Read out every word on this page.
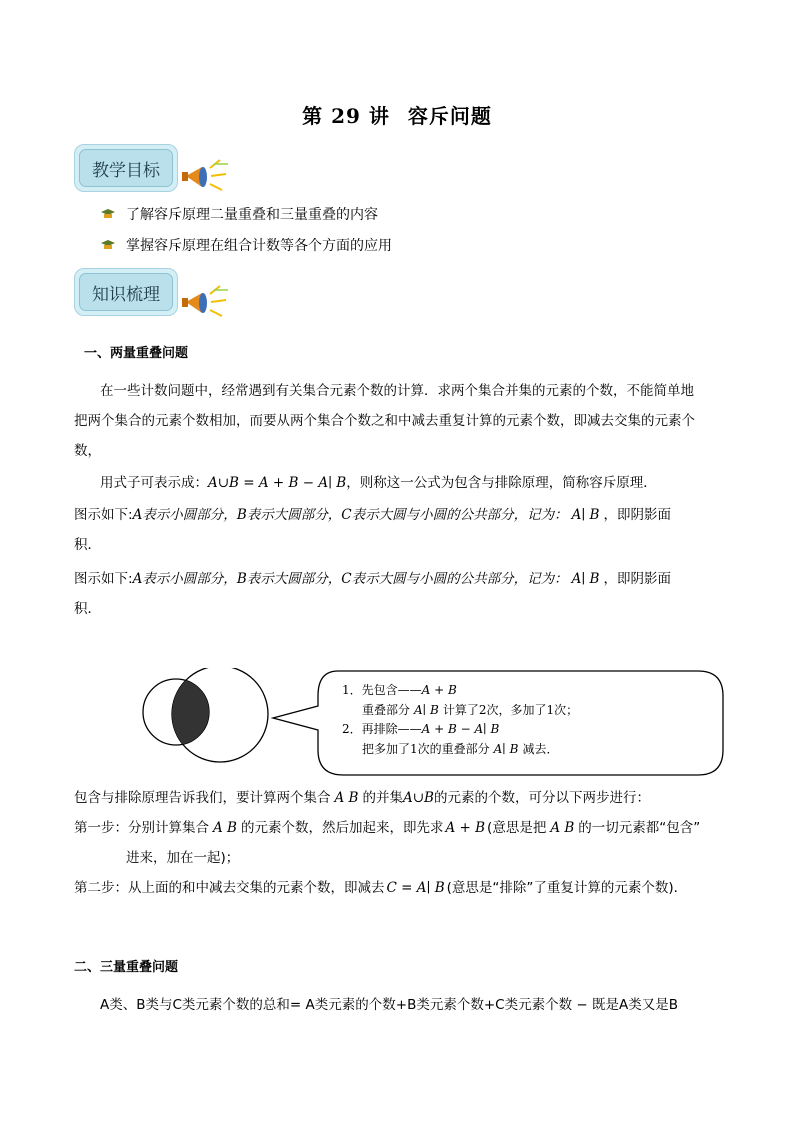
第 29 讲 容斥问题
教学目标
了解容斥原理二量重叠和三量重叠的内容
掌握容斥原理在组合计数等各个方面的应用
知识梳理
一、两量重叠问题
在一些计数问题中，经常遇到有关集合元素个数的计算．求两个集合并集的元素的个数，不能简单地
把两个集合的元素个数相加，而要从两个集合个数之和中减去重复计算的元素个数，即减去交集的元素个
数，
用式子可表示成：A∪B = A + B − A∣ B，则称这一公式为包含与排除原理，简称容斥原理．
图示如下:A表示小圆部分，B表示大圆部分，C表示大圆与小圆的公共部分，记为： A∣ B ，即阴影面
积．
图示如下:A表示小圆部分，B表示大圆部分，C表示大圆与小圆的公共部分，记为： A∣ B ，即阴影面
积．
1．先包含——A + B
重叠部分 A∣ B 计算了2次，多加了1次；
2．再排除——A + B − A∣ B
把多加了1次的重叠部分 A∣ B 减去．
包含与排除原理告诉我们，要计算两个集合 A B 的并集A∪B的元素的个数，可分以下两步进行：
第一步：分别计算集合 A B 的元素个数，然后加起来，即先求 A + B (意思是把 A B 的一切元素都“包含”
进来，加在一起)；
第二步：从上面的和中减去交集的元素个数，即减去 C = A∣ B (意思是“排除”了重复计算的元素个数)．
二、三量重叠问题
A类、B类与C类元素个数的总和= A类元素的个数+B类元素个数+C类元素个数 − 既是A类又是B
